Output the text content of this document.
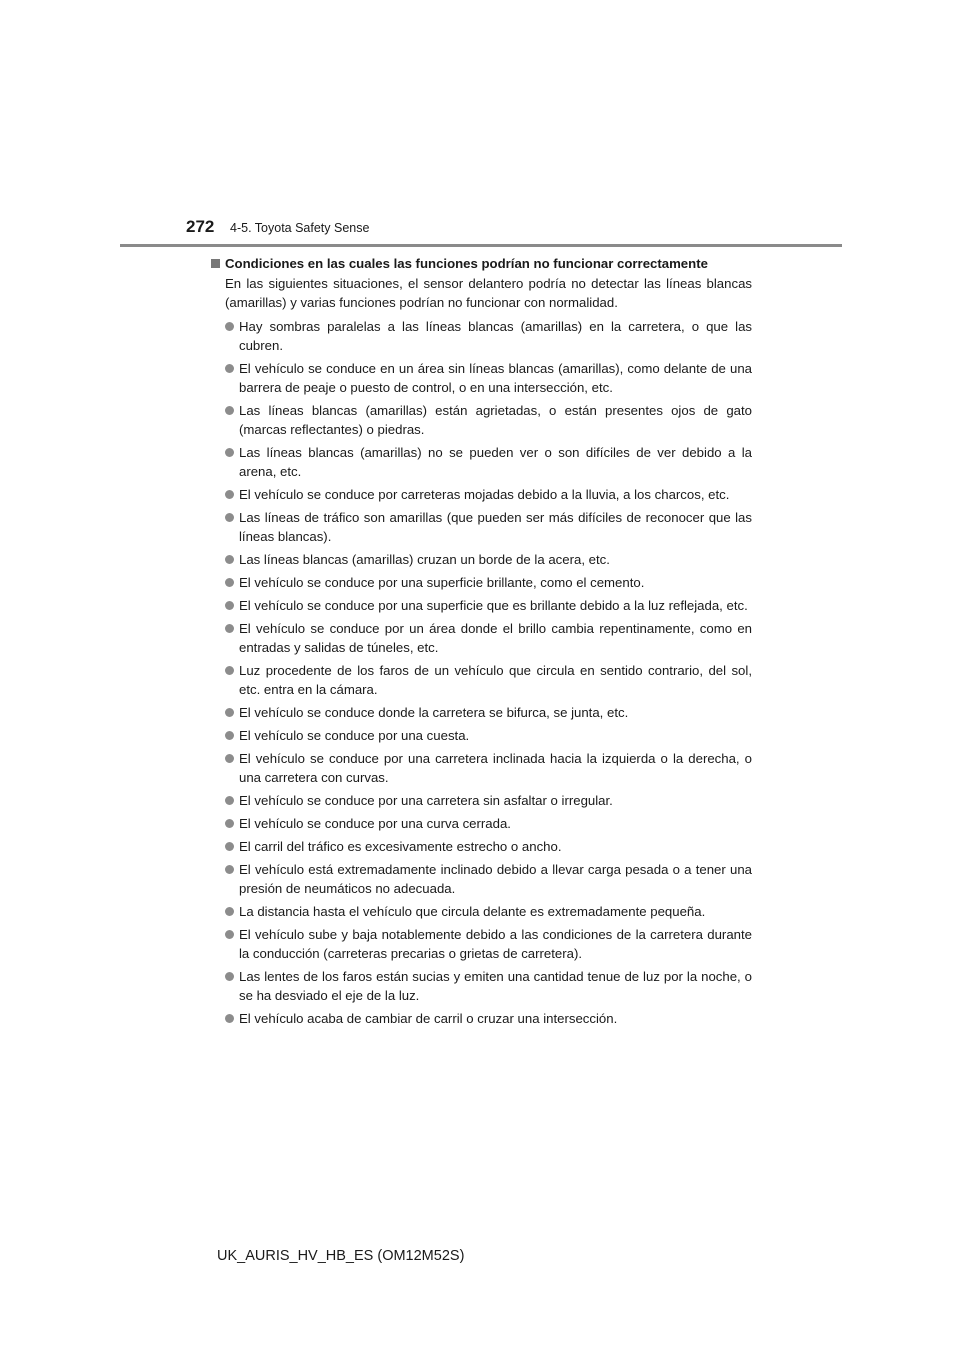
272 4-5. Toyota Safety Sense
Condiciones en las cuales las funciones podrían no funcionar correctamente
En las siguientes situaciones, el sensor delantero podría no detectar las líneas blancas (amarillas) y varias funciones podrían no funcionar con normalidad.
Hay sombras paralelas a las líneas blancas (amarillas) en la carretera, o que las cubren.
El vehículo se conduce en un área sin líneas blancas (amarillas), como delante de una barrera de peaje o puesto de control, o en una intersección, etc.
Las líneas blancas (amarillas) están agrietadas, o están presentes ojos de gato (marcas reflectantes) o piedras.
Las líneas blancas (amarillas) no se pueden ver o son difíciles de ver debido a la arena, etc.
El vehículo se conduce por carreteras mojadas debido a la lluvia, a los charcos, etc.
Las líneas de tráfico son amarillas (que pueden ser más difíciles de reconocer que las líneas blancas).
Las líneas blancas (amarillas) cruzan un borde de la acera, etc.
El vehículo se conduce por una superficie brillante, como el cemento.
El vehículo se conduce por una superficie que es brillante debido a la luz reflejada, etc.
El vehículo se conduce por un área donde el brillo cambia repentinamente, como en entradas y salidas de túneles, etc.
Luz procedente de los faros de un vehículo que circula en sentido contrario, del sol, etc. entra en la cámara.
El vehículo se conduce donde la carretera se bifurca, se junta, etc.
El vehículo se conduce por una cuesta.
El vehículo se conduce por una carretera inclinada hacia la izquierda o la derecha, o una carretera con curvas.
El vehículo se conduce por una carretera sin asfaltar o irregular.
El vehículo se conduce por una curva cerrada.
El carril del tráfico es excesivamente estrecho o ancho.
El vehículo está extremadamente inclinado debido a llevar carga pesada o a tener una presión de neumáticos no adecuada.
La distancia hasta el vehículo que circula delante es extremadamente pequeña.
El vehículo sube y baja notablemente debido a las condiciones de la carretera durante la conducción (carreteras precarias o grietas de carretera).
Las lentes de los faros están sucias y emiten una cantidad tenue de luz por la noche, o se ha desviado el eje de la luz.
El vehículo acaba de cambiar de carril o cruzar una intersección.
UK_AURIS_HV_HB_ES (OM12M52S)
